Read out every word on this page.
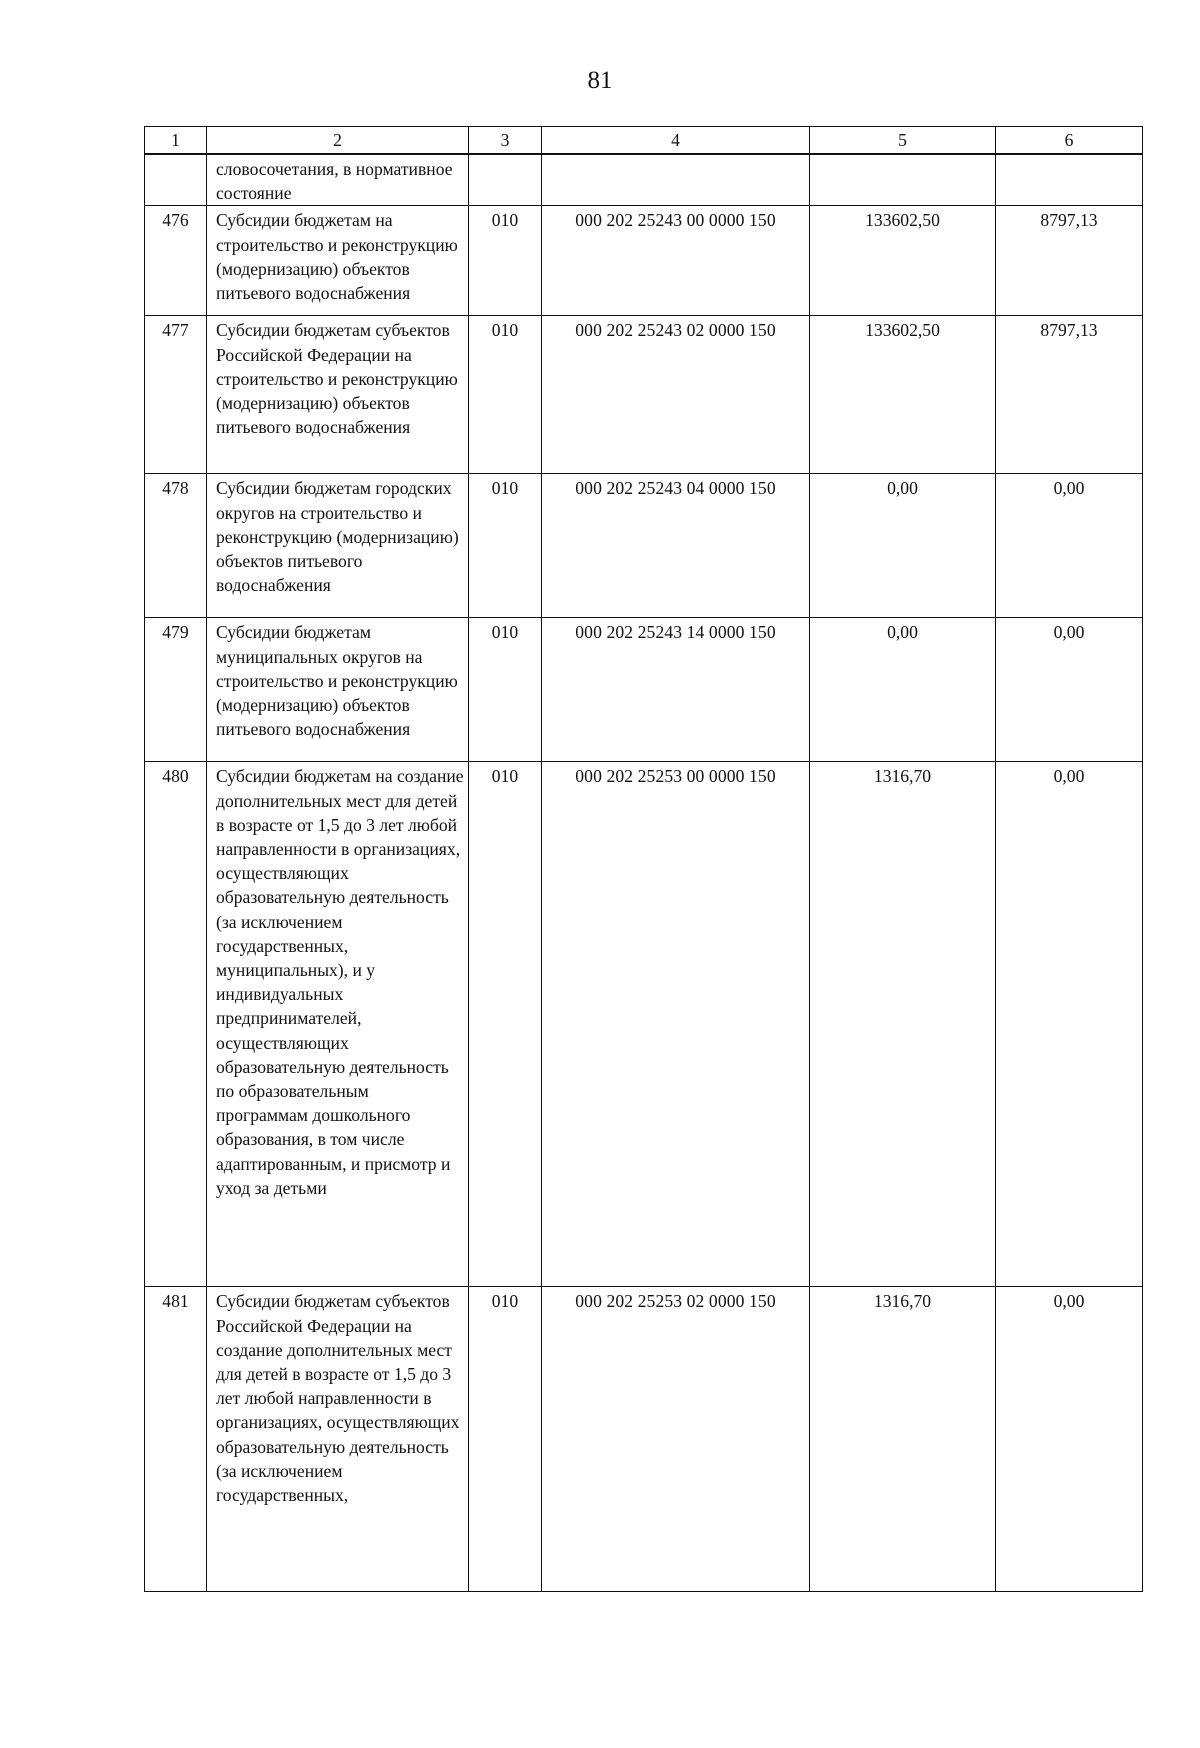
81
1	2	3	4	5	6
	словосочетания, в нормативное состояние				
476	Субсидии бюджетам на строительство и реконструкцию (модернизацию) объектов питьевого водоснабжения	010	000 202 25243 00 0000 150	133602,50	8797,13
477	Субсидии бюджетам субъектов Российской Федерации на строительство и реконструкцию (модернизацию) объектов питьевого водоснабжения	010	000 202 25243 02 0000 150	133602,50	8797,13
478	Субсидии бюджетам городских округов на строительство и реконструкцию (модернизацию) объектов питьевого водоснабжения	010	000 202 25243 04 0000 150	0,00	0,00
479	Субсидии бюджетам муниципальных округов на строительство и реконструкцию (модернизацию) объектов питьевого водоснабжения	010	000 202 25243 14 0000 150	0,00	0,00
480	Субсидии бюджетам на создание дополнительных мест для детей в возрасте от 1,5 до 3 лет любой направленности в организациях, осуществляющих образовательную деятельность (за исключением государственных, муниципальных), и у индивидуальных предпринимателей, осуществляющих образовательную деятельность по образовательным программам дошкольного образования, в том числе адаптированным, и присмотр и уход за детьми	010	000 202 25253 00 0000 150	1316,70	0,00
481	Субсидии бюджетам субъектов Российской Федерации на создание дополнительных мест для детей в возрасте от 1,5 до 3 лет любой направленности в организациях, осуществляющих образовательную деятельность (за исключением государственных,	010	000 202 25253 02 0000 150	1316,70	0,00
